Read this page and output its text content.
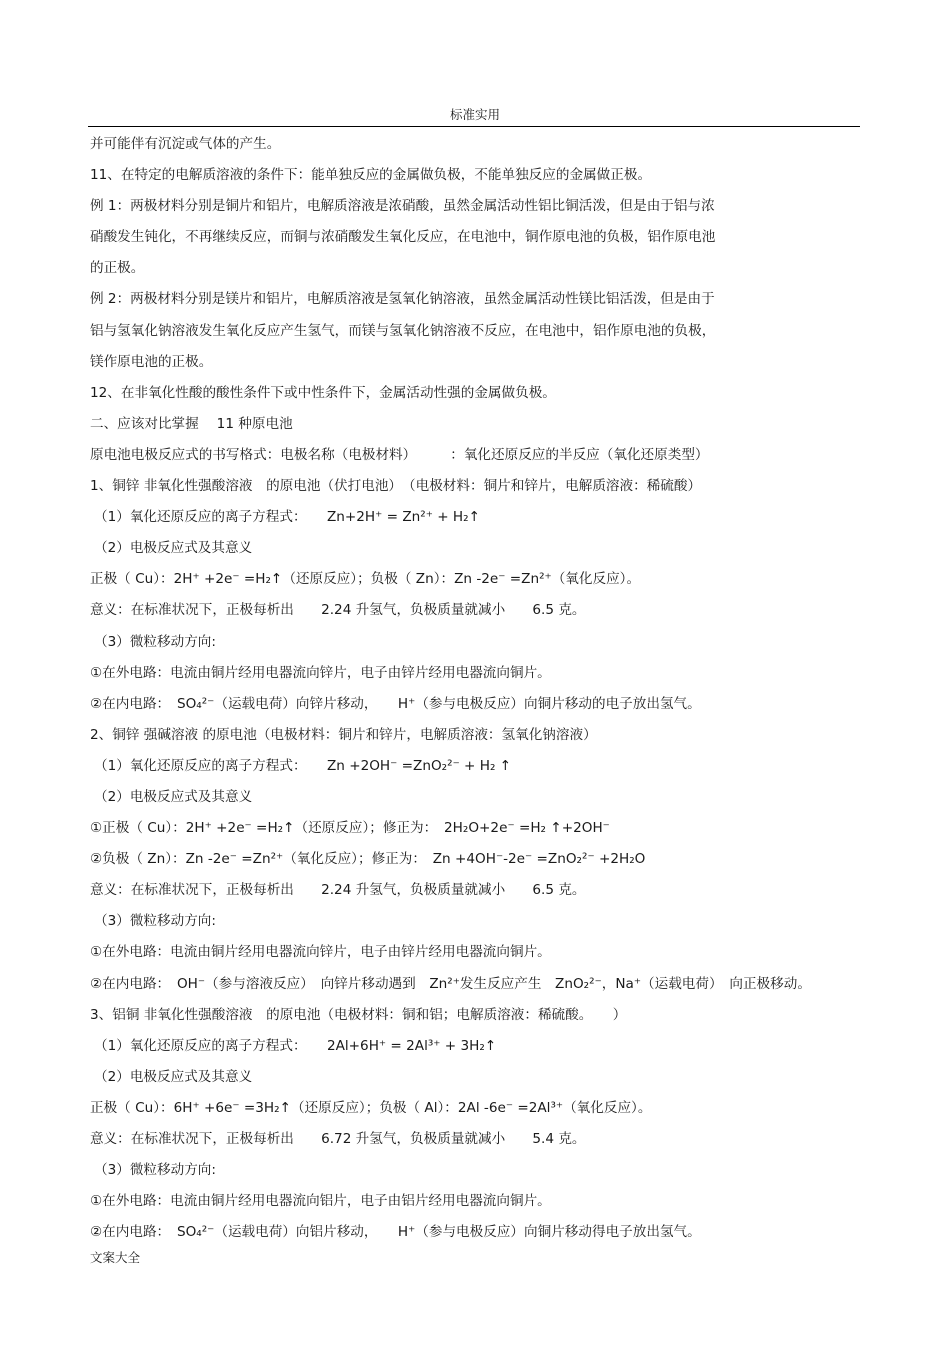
标准实用
并可能伴有沉淀或气体的产生。
11、在特定的电解质溶液的条件下：能单独反应的金属做负极，不能单独反应的金属做正极。
例 1：两极材料分别是铜片和铝片，电解质溶液是浓硝酸，虽然金属活动性铝比铜活泼，但是由于铝与浓
硝酸发生钝化，不再继续反应，而铜与浓硝酸发生氧化反应，在电池中，铜作原电池的负极，铝作原电池
的正极。
例 2：两极材料分别是镁片和铝片，电解质溶液是氢氧化钠溶液，虽然金属活动性镁比铝活泼，但是由于
铝与氢氧化钠溶液发生氧化反应产生氢气，而镁与氢氧化钠溶液不反应，在电池中，铝作原电池的负极，
镁作原电池的正极。
12、在非氧化性酸的酸性条件下或中性条件下，金属活动性强的金属做负极。
二、应该对比掌握　 11 种原电池
原电池电极反应式的书写格式：电极名称（电极材料）　　　：氧化还原反应的半反应（氧化还原类型）
1、铜锌 非氧化性强酸溶液　的原电池（伏打电池）　（电极材料：铜片和锌片，电解质溶液：稀硫酸）
（1）氧化还原反应的离子方程式：　　Zn+2H⁺ = Zn²⁺ + H₂↑
（2）电极反应式及其意义
正极（ Cu）：2H⁺ +2e⁻ =H₂↑（还原反应）；负极（ Zn）：Zn -2e⁻ =Zn²⁺（氧化反应）。
意义：在标准状况下，正极每析出　　2.24 升氢气，负极质量就减小　　6.5 克。
（3）微粒移动方向:
①在外电路：电流由铜片经用电器流向锌片，电子由锌片经用电器流向铜片。
②在内电路：　SO₄²⁻（运载电荷）向锌片移动，　　H⁺（参与电极反应）向铜片移动的电子放出氢气。
2、铜锌 强碱溶液 的原电池（电极材料：铜片和锌片，电解质溶液：氢氧化钠溶液）
（1）氧化还原反应的离子方程式：　　Zn +2OH⁻ =ZnO₂²⁻ + H₂ ↑
（2）电极反应式及其意义
①正极（ Cu）：2H⁺ +2e⁻ =H₂↑（还原反应）；修正为：　2H₂O+2e⁻ =H₂ ↑+2OH⁻
②负极（ Zn）：Zn -2e⁻ =Zn²⁺（氧化反应）；修正为：　Zn +4OH⁻-2e⁻ =ZnO₂²⁻ +2H₂O
意义：在标准状况下，正极每析出　　2.24 升氢气，负极质量就减小　　6.5 克。
（3）微粒移动方向:
①在外电路：电流由铜片经用电器流向锌片，电子由锌片经用电器流向铜片。
②在内电路：　OH⁻（参与溶液反应）　向锌片移动遇到　Zn²⁺发生反应产生　ZnO₂²⁻，Na⁺（运载电荷）　向正极移动。
3、铝铜 非氧化性强酸溶液　的原电池（电极材料：铜和铝；电解质溶液：稀硫酸。　　）
（1）氧化还原反应的离子方程式：　　2Al+6H⁺ = 2Al³⁺ + 3H₂↑
（2）电极反应式及其意义
正极（ Cu）：6H⁺ +6e⁻ =3H₂↑（还原反应）；负极（ Al）：2Al -6e⁻ =2Al³⁺（氧化反应）。
意义：在标准状况下，正极每析出　　6.72 升氢气，负极质量就减小　　5.4 克。
（3）微粒移动方向:
①在外电路：电流由铜片经用电器流向铝片，电子由铝片经用电器流向铜片。
②在内电路：　SO₄²⁻（运载电荷）向铝片移动，　　H⁺（参与电极反应）向铜片移动得电子放出氢气。
文案大全
